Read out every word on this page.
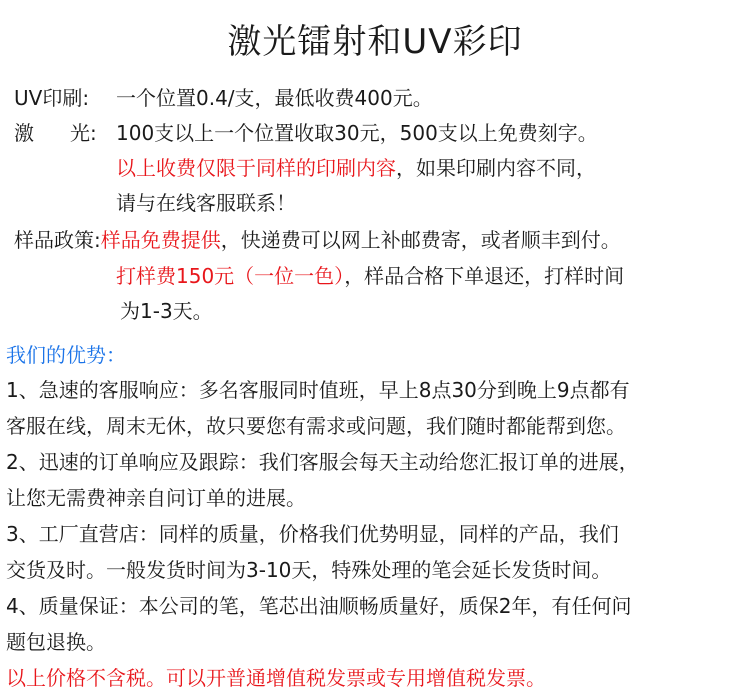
激光镭射和UV彩印
UV印刷: 一个位置0.4/支，最低收费400元。
激 光: 100支以上一个位置收取30元，500支以上免费刻字。
以上收费仅限于同样的印刷内容，如果印刷内容不同，
请与在线客服联系！
样品政策:样品免费提供，快递费可以网上补邮费寄，或者顺丰到付。
打样费150元（一位一色），样品合格下单退还，打样时间
为1-3天。
我们的优势：
1、急速的客服响应：多名客服同时值班，早上8点30分到晚上9点都有
客服在线，周末无休，故只要您有需求或问题，我们随时都能帮到您。
2、迅速的订单响应及跟踪：我们客服会每天主动给您汇报订单的进展，
让您无需费神亲自问订单的进展。
3、工厂直营店：同样的质量，价格我们优势明显，同样的产品，我们
交货及时。一般发货时间为3-10天，特殊处理的笔会延长发货时间。
4、质量保证：本公司的笔，笔芯出油顺畅质量好，质保2年，有任何问
题包退换。
以上价格不含税。可以开普通增值税发票或专用增值税发票。
